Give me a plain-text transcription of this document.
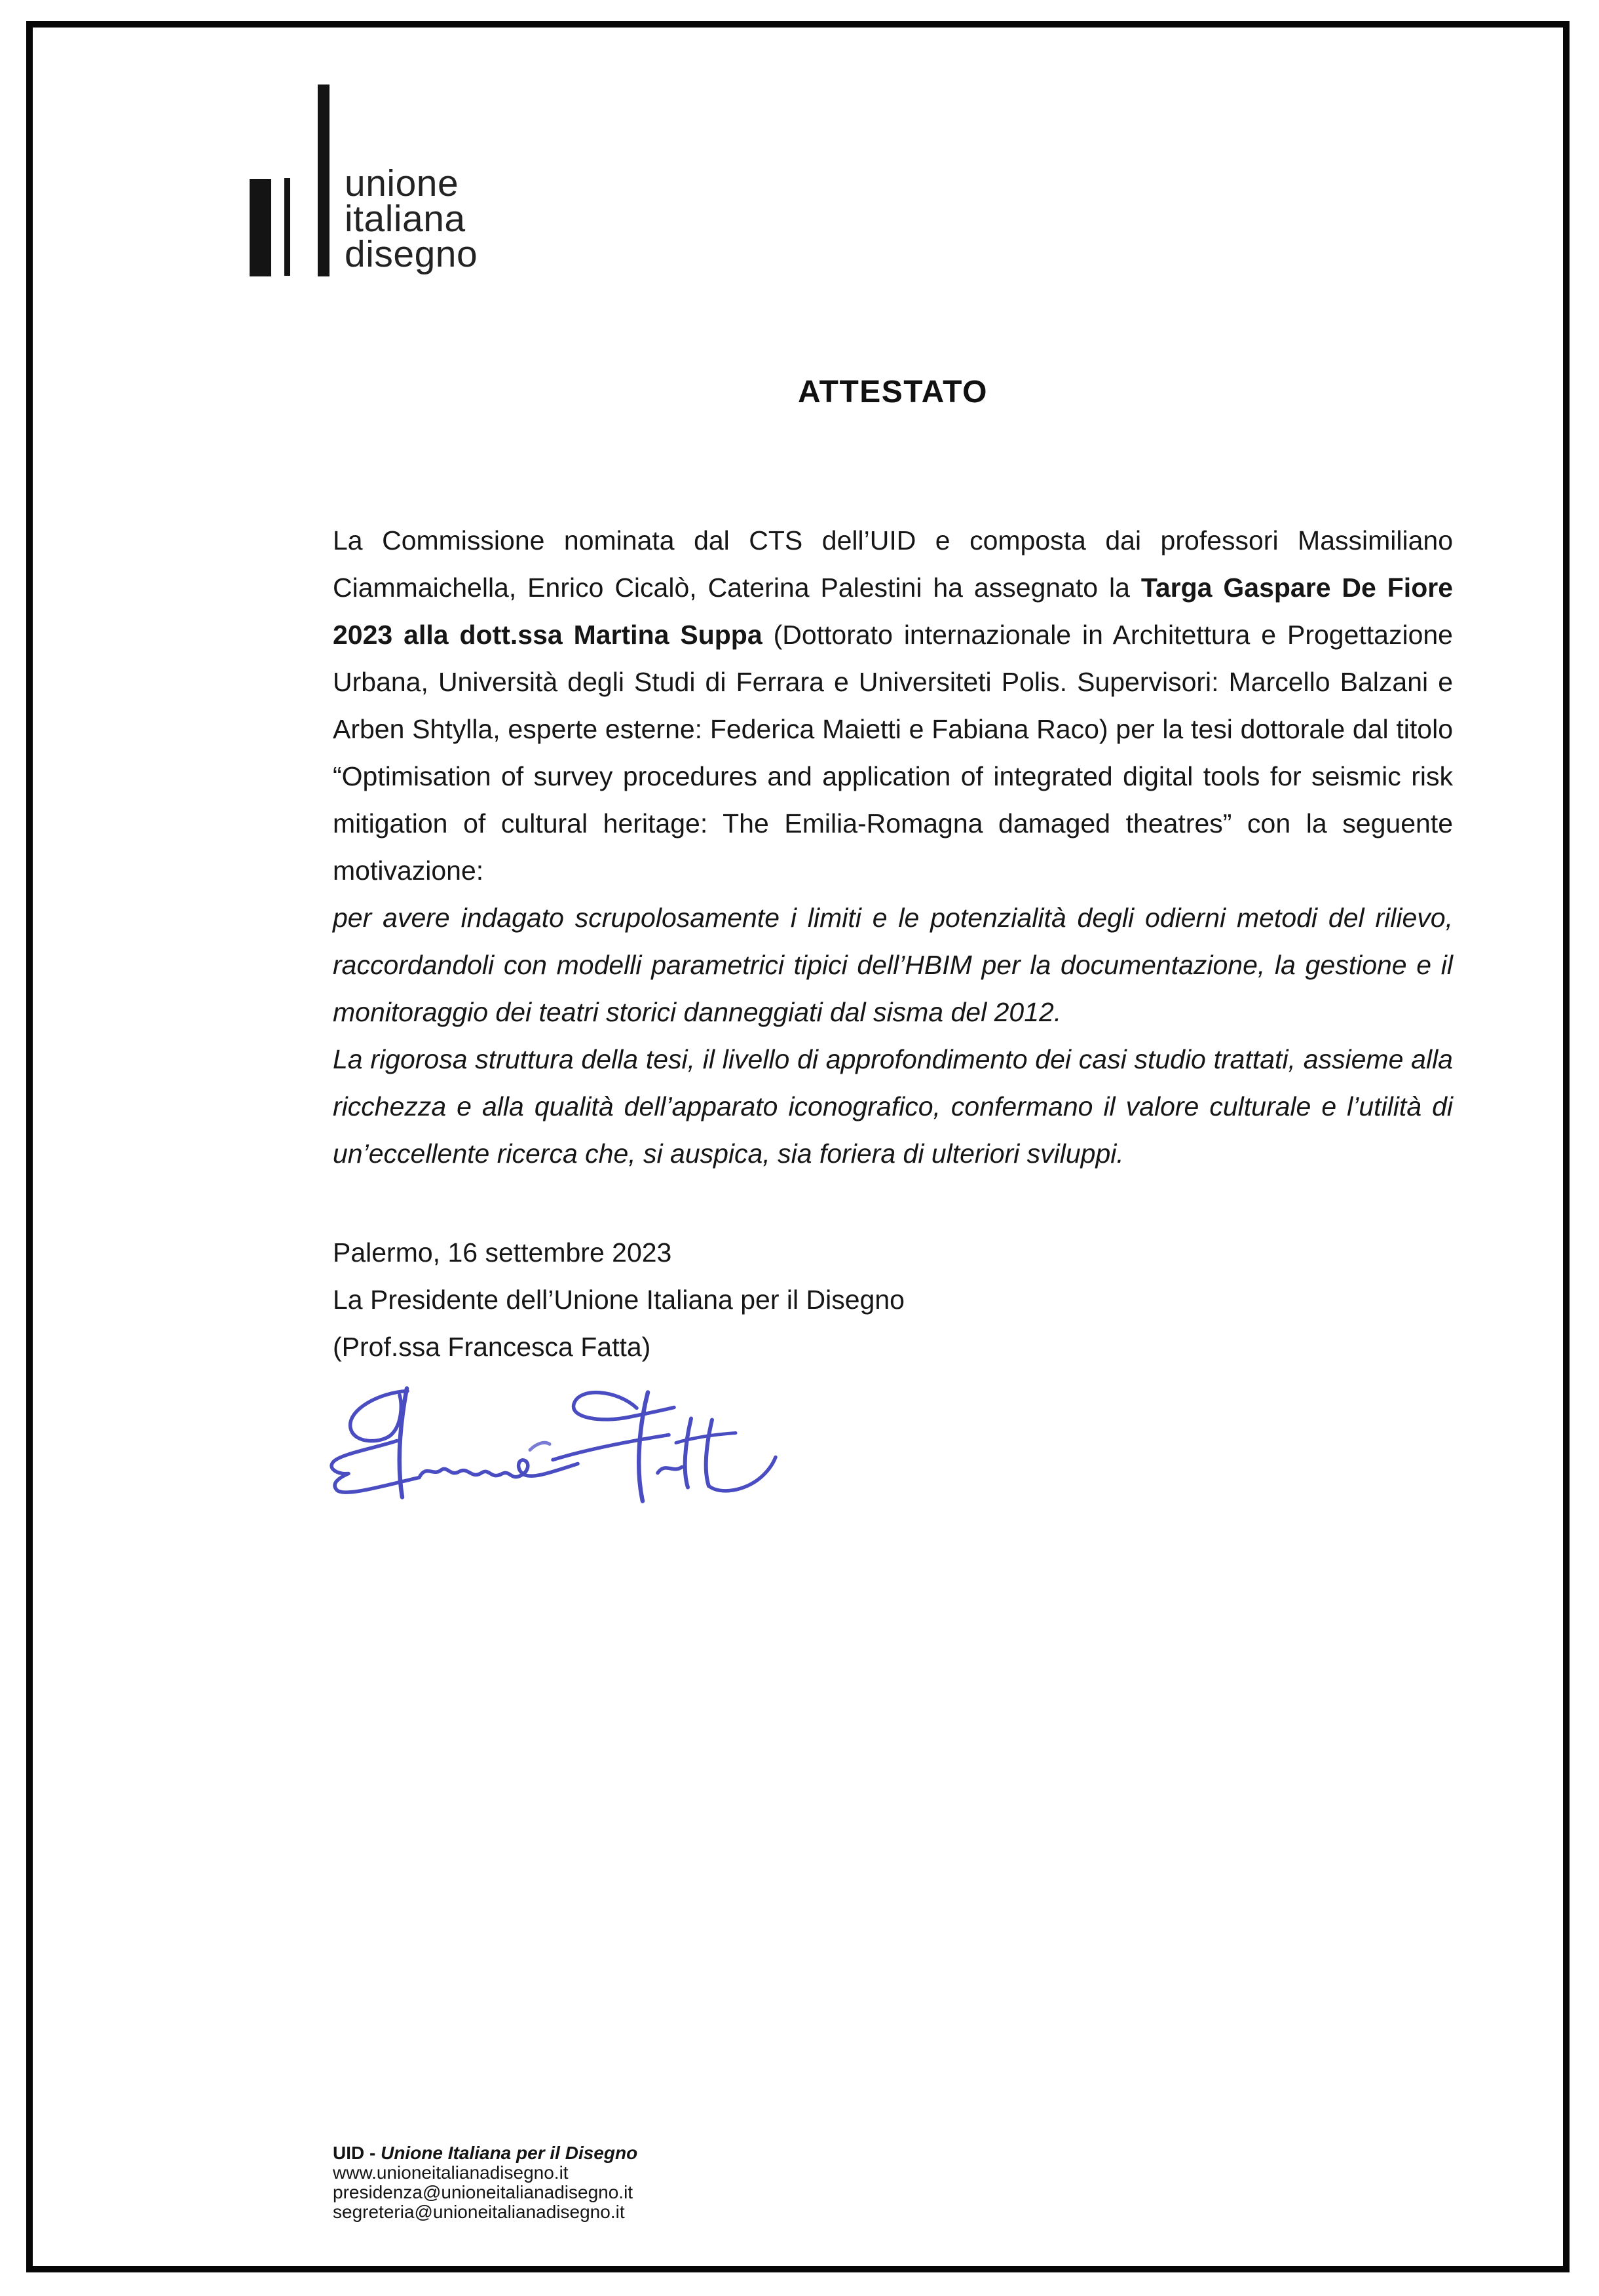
unione
italiana
disegno
ATTESTATO

La Commissione nominata dal CTS dell’UID e composta dai professori Massimiliano Ciammaichella, Enrico Cicalò, Caterina Palestini ha assegnato la Targa Gaspare De Fiore 2023 alla dott.ssa Martina Suppa (Dottorato internazionale in Architettura e Progettazione Urbana, Università degli Studi di Ferrara e Universiteti Polis. Supervisori: Marcello Balzani e Arben Shtylla, esperte esterne: Federica Maietti e Fabiana Raco) per la tesi dottorale dal titolo “Optimisation of survey procedures and application of integrated digital tools for seismic risk mitigation of cultural heritage: The Emilia-Romagna damaged theatres” con la seguente motivazione:

per avere indagato scrupolosamente i limiti e le potenzialità degli odierni metodi del rilievo, raccordandoli con modelli parametrici tipici dell’HBIM per la documentazione, la gestione e il monitoraggio dei teatri storici danneggiati dal sisma del 2012.

La rigorosa struttura della tesi, il livello di approfondimento dei casi studio trattati, assieme alla ricchezza e alla qualità dell’apparato iconografico, confermano il valore culturale e l’utilità di un’eccellente ricerca che, si auspica, sia foriera di ulteriori sviluppi.

Palermo, 16 settembre 2023

La Presidente dell’Unione Italiana per il Disegno

(Prof.ssa Francesca Fatta)

UID - Unione Italiana per il Disegno

www.unioneitalianadisegno.it

presidenza@unioneitalianadisegno.it

segreteria@unioneitalianadisegno.it
